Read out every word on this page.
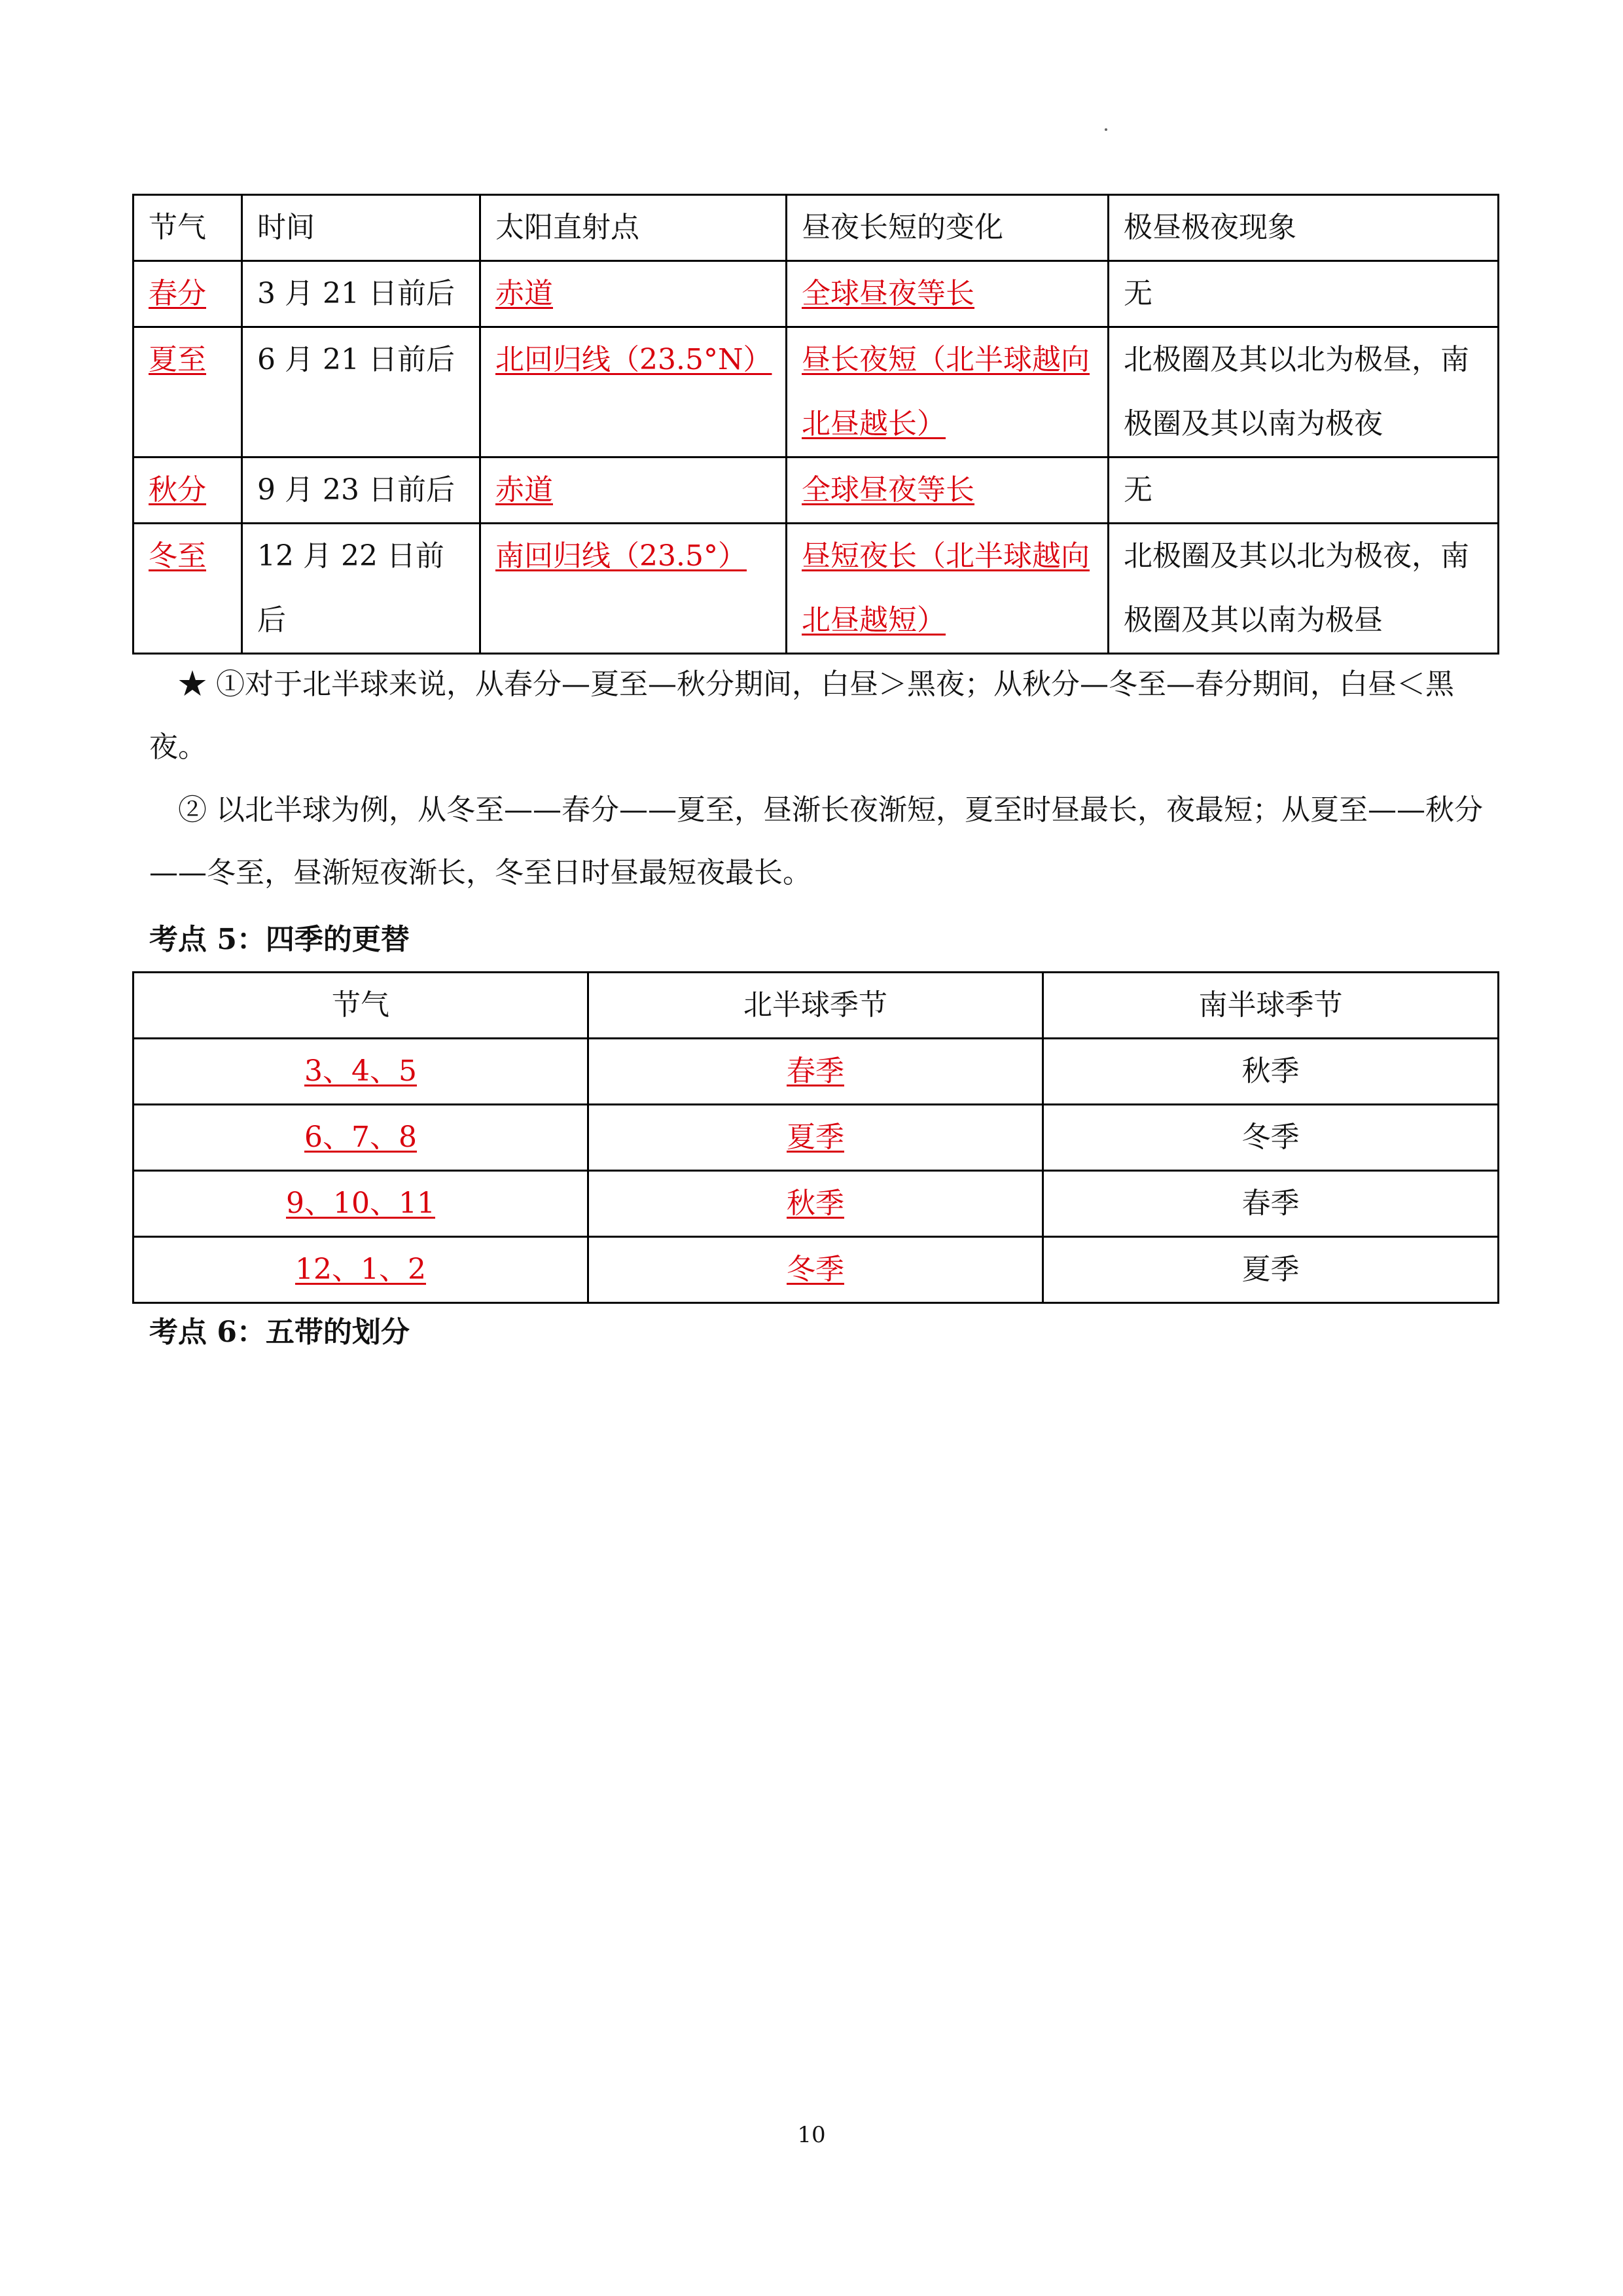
节气	时间	太阳直射点	昼夜长短的变化	极昼极夜现象
春分	3 月 21 日前后	赤道	全球昼夜等长	无
夏至	6 月 21 日前后	北回归线（23.5°N）	昼长夜短（北半球越向北昼越长）	北极圈及其以北为极昼，南极圈及其以南为极夜
秋分	9 月 23 日前后	赤道	全球昼夜等长	无
冬至	12 月 22 日前后	南回归线（23.5°）	昼短夜长（北半球越向北昼越短）	北极圈及其以北为极夜，南极圈及其以南为极昼

★ ①对于北半球来说，从春分—夏至—秋分期间，白昼＞黑夜；从秋分—冬至—春分期间，白昼＜黑夜。

② 以北半球为例，从冬至——春分——夏至，昼渐长夜渐短，夏至时昼最长，夜最短；从夏至——秋分——冬至，昼渐短夜渐长，冬至日时昼最短夜最长。

考点 5：四季的更替

节气	北半球季节	南半球季节
3、4、5	春季	秋季
6、7、8	夏季	冬季
9、10、11	秋季	春季
12、1、2	冬季	夏季

考点 6：五带的划分

10
